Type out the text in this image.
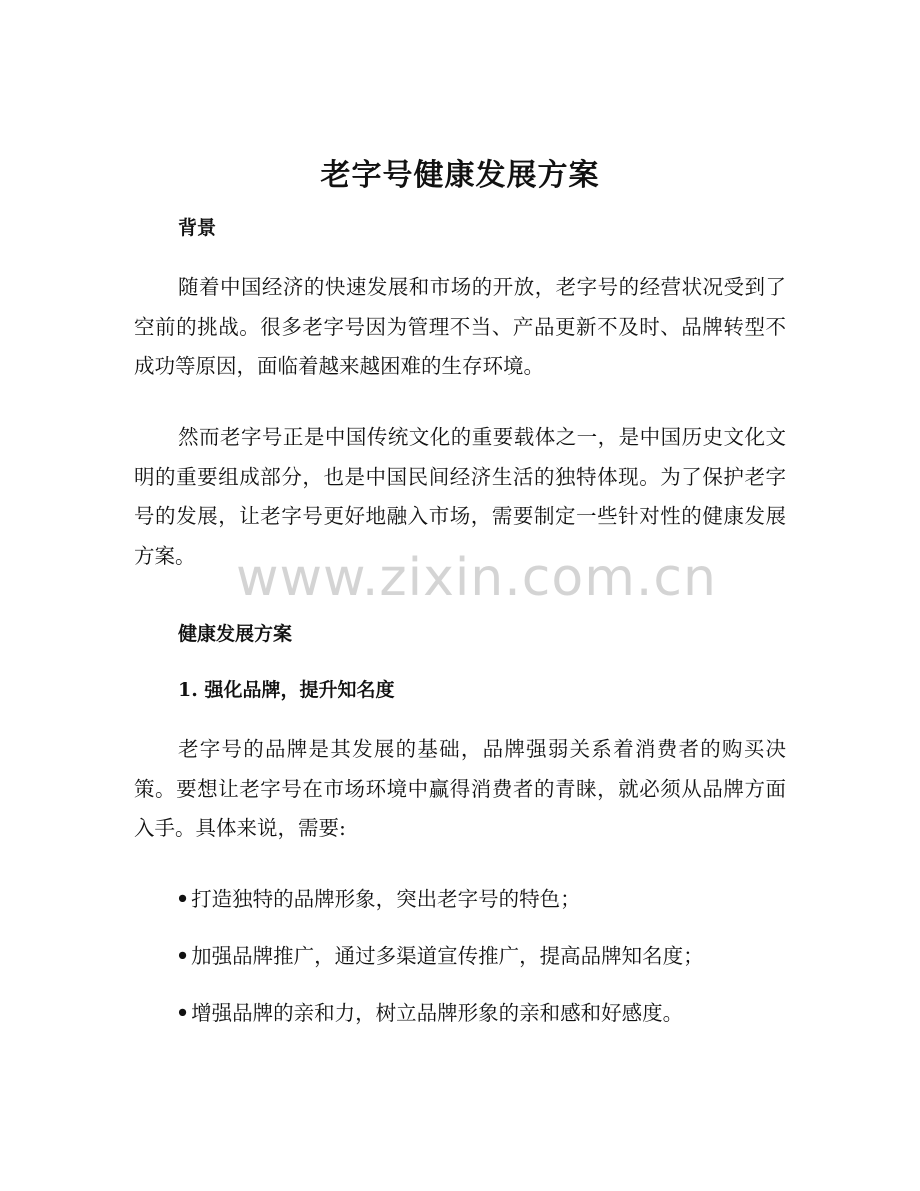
老字号健康发展方案
背景

随着中国经济的快速发展和市场的开放，老字号的经营状况受到了空前的挑战。很多老字号因为管理不当、产品更新不及时、品牌转型不成功等原因，面临着越来越困难的生存环境。

然而老字号正是中国传统文化的重要载体之一，是中国历史文化文明的重要组成部分，也是中国民间经济生活的独特体现。为了保护老字号的发展，让老字号更好地融入市场，需要制定一些针对性的健康发展方案。

健康发展方案
1. 强化品牌，提升知名度

老字号的品牌是其发展的基础，品牌强弱关系着消费者的购买决策。要想让老字号在市场环境中赢得消费者的青睐，就必须从品牌方面入手。具体来说，需要:

•打造独特的品牌形象，突出老字号的特色；

•加强品牌推广，通过多渠道宣传推广，提高品牌知名度；

•增强品牌的亲和力，树立品牌形象的亲和感和好感度。

www.zixin.com.cn
